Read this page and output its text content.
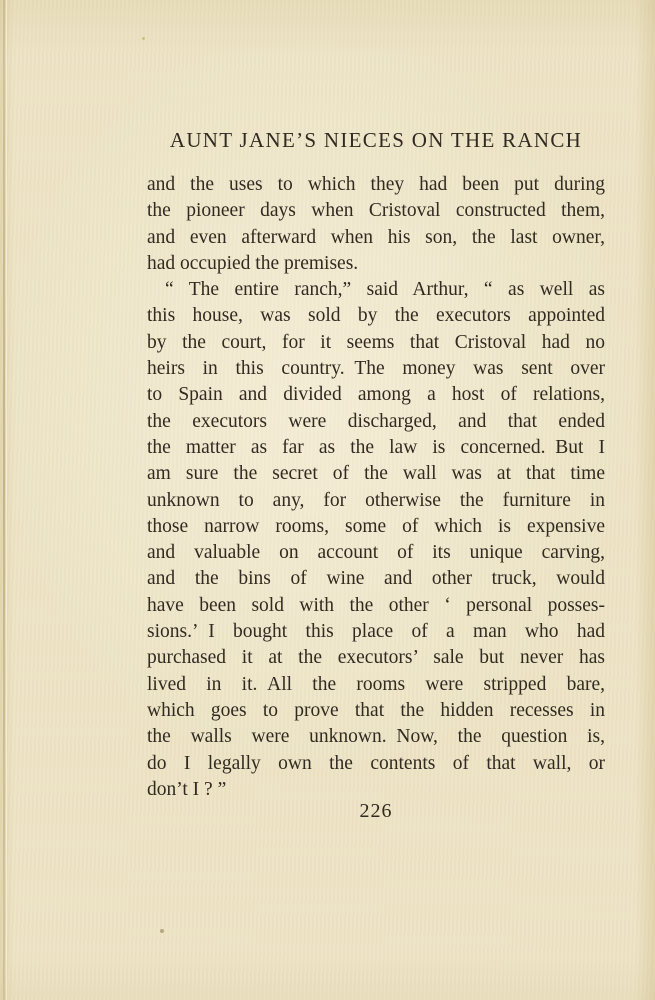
AUNT JANE’S NIECES ON THE RANCH
and the uses to which they had been put during
the pioneer days when Cristoval constructed them,
and even afterward when his son, the last owner,
had occupied the premises.
“ The entire ranch,” said Arthur, “ as well as
this house, was sold by the executors appointed
by the court, for it seems that Cristoval had no
heirs in this country. The money was sent over
to Spain and divided among a host of relations,
the executors were discharged, and that ended
the matter as far as the law is concerned. But I
am sure the secret of the wall was at that time
unknown to any, for otherwise the furniture in
those narrow rooms, some of which is expensive
and valuable on account of its unique carving,
and the bins of wine and other truck, would
have been sold with the other ‘ personal posses-
sions.’ I bought this place of a man who had
purchased it at the executors’ sale but never has
lived in it. All the rooms were stripped bare,
which goes to prove that the hidden recesses in
the walls were unknown. Now, the question is,
do I legally own the contents of that wall, or
don’t I ? ”
226
